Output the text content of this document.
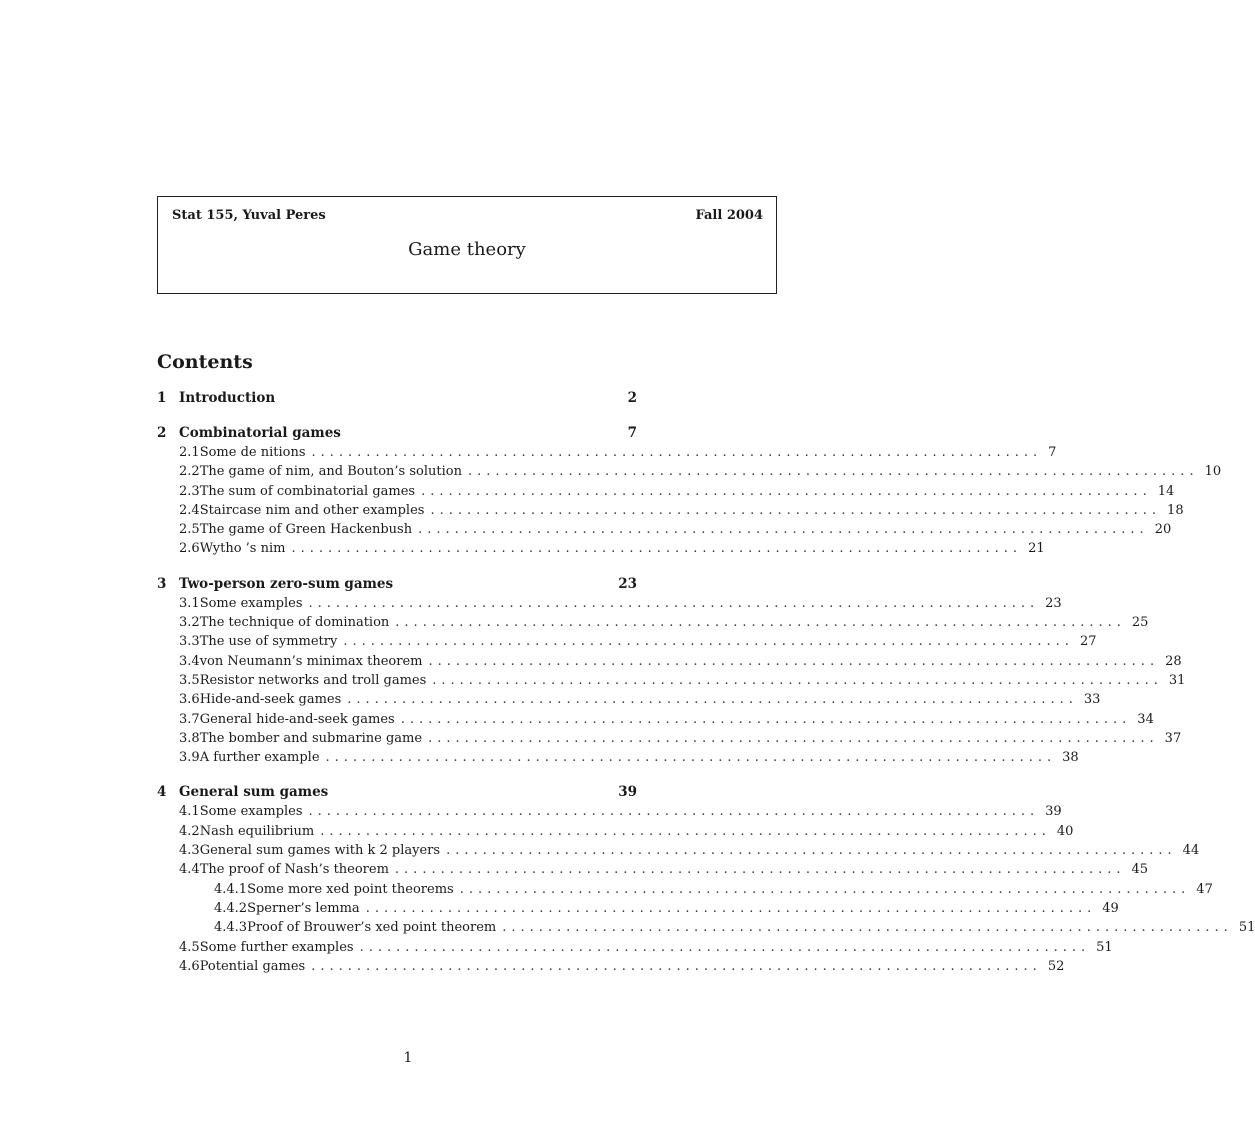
Stat 155, Yuval Peres	Fall 2004
Game theory
Contents
1 Introduction	2
2 Combinatorial games	7
2.1 Some de nitions ................................................................................ 7
2.2 The game of nim, and Bouton’s solution ................................................................................ 10
2.3 The sum of combinatorial games ................................................................................ 14
2.4 Staircase nim and other examples ................................................................................ 18
2.5 The game of Green Hackenbush ................................................................................ 20
2.6 Wytho ’s nim ................................................................................ 21
3 Two-person zero-sum games	23
3.1 Some examples ................................................................................ 23
3.2 The technique of domination ................................................................................ 25
3.3 The use of symmetry ................................................................................ 27
3.4 von Neumann’s minimax theorem ................................................................................ 28
3.5 Resistor networks and troll games ................................................................................ 31
3.6 Hide-and-seek games ................................................................................ 33
3.7 General hide-and-seek games ................................................................................ 34
3.8 The bomber and submarine game ................................................................................ 37
3.9 A further example ................................................................................ 38
4 General sum games	39
4.1 Some examples ................................................................................ 39
4.2 Nash equilibrium ................................................................................ 40
4.3 General sum games with k 2 players ................................................................................ 44
4.4 The proof of Nash’s theorem ................................................................................ 45
4.4.1 Some more xed point theorems ................................................................................ 47
4.4.2 Sperner’s lemma ................................................................................ 49
4.4.3 Proof of Brouwer’s xed point theorem ................................................................................ 51
4.5 Some further examples ................................................................................ 51
4.6 Potential games ................................................................................ 52
1
